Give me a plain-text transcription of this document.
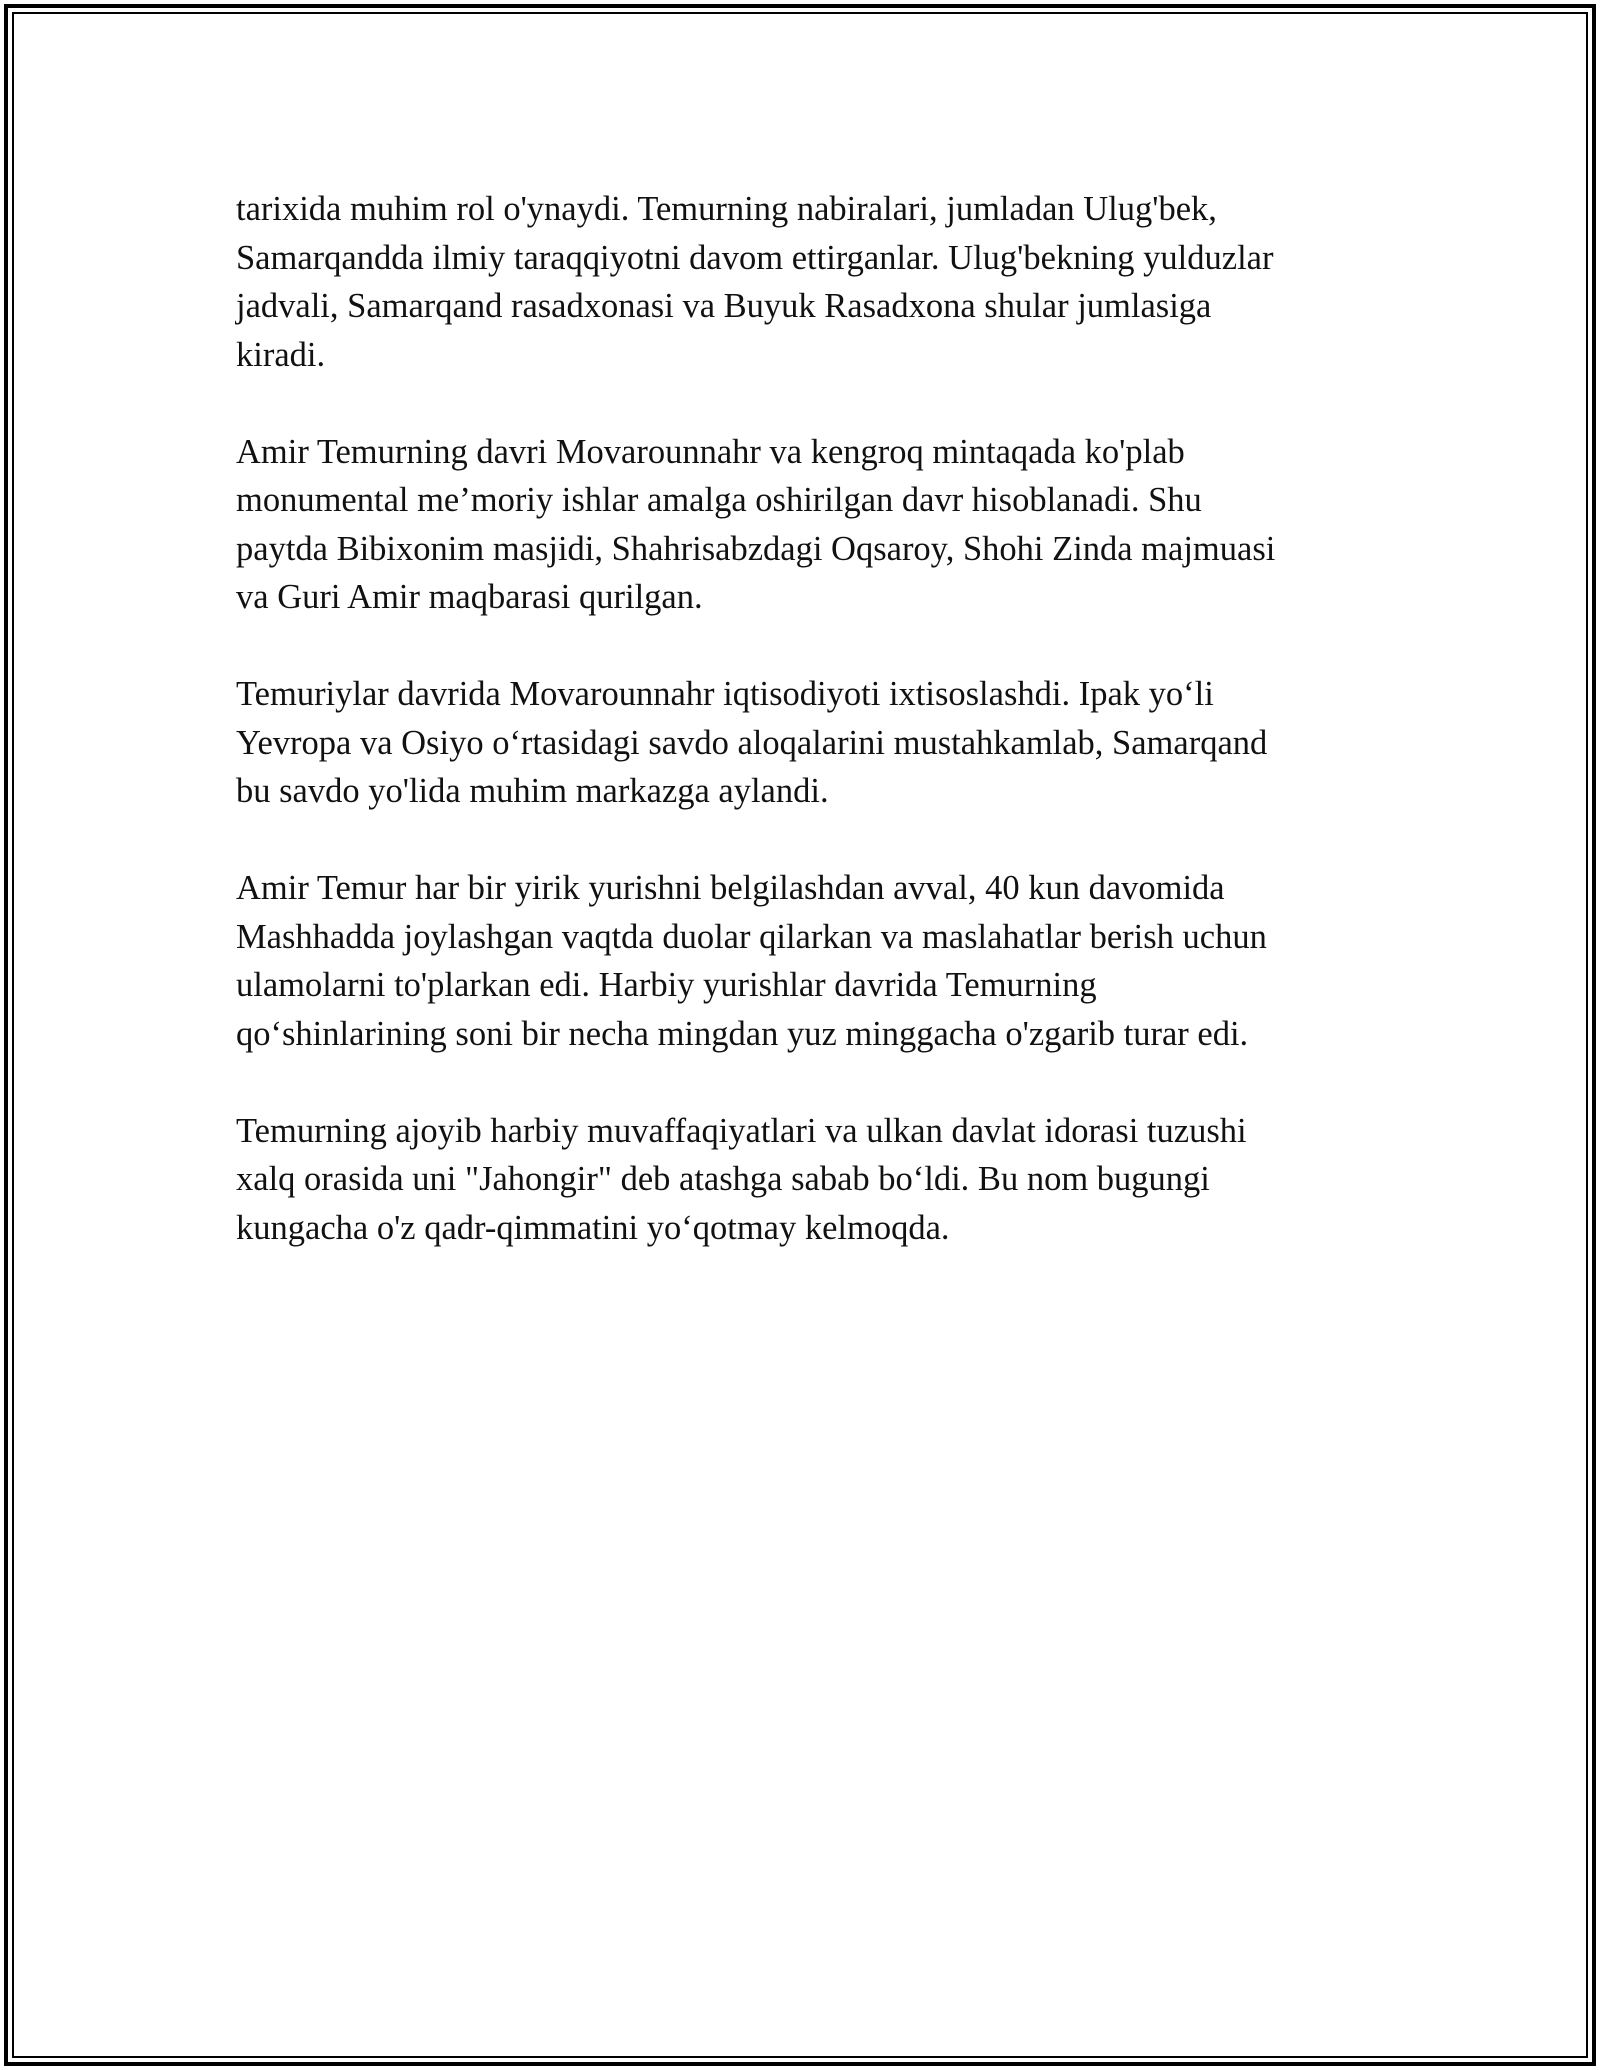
tarixida muhim rol o'ynaydi. Temurning nabiralari, jumladan Ulug'bek,
Samarqandda ilmiy taraqqiyotni davom ettirganlar. Ulug'bekning yulduzlar
jadvali, Samarqand rasadxonasi va Buyuk Rasadxona shular jumlasiga
kiradi.

Amir Temurning davri Movarounnahr va kengroq mintaqada ko'plab
monumental me’moriy ishlar amalga oshirilgan davr hisoblanadi. Shu
paytda Bibixonim masjidi, Shahrisabzdagi Oqsaroy, Shohi Zinda majmuasi
va Guri Amir maqbarasi qurilgan.

Temuriylar davrida Movarounnahr iqtisodiyoti ixtisoslashdi. Ipak yo‘li
Yevropa va Osiyo o‘rtasidagi savdo aloqalarini mustahkamlab, Samarqand
bu savdo yo'lida muhim markazga aylandi.

Amir Temur har bir yirik yurishni belgilashdan avval, 40 kun davomida
Mashhadda joylashgan vaqtda duolar qilarkan va maslahatlar berish uchun
ulamolarni to'plarkan edi. Harbiy yurishlar davrida Temurning
qo‘shinlarining soni bir necha mingdan yuz minggacha o'zgarib turar edi.

Temurning ajoyib harbiy muvaffaqiyatlari va ulkan davlat idorasi tuzushi
xalq orasida uni "Jahongir" deb atashga sabab bo‘ldi. Bu nom bugungi
kungacha o'z qadr-qimmatini yo‘qotmay kelmoqda.
